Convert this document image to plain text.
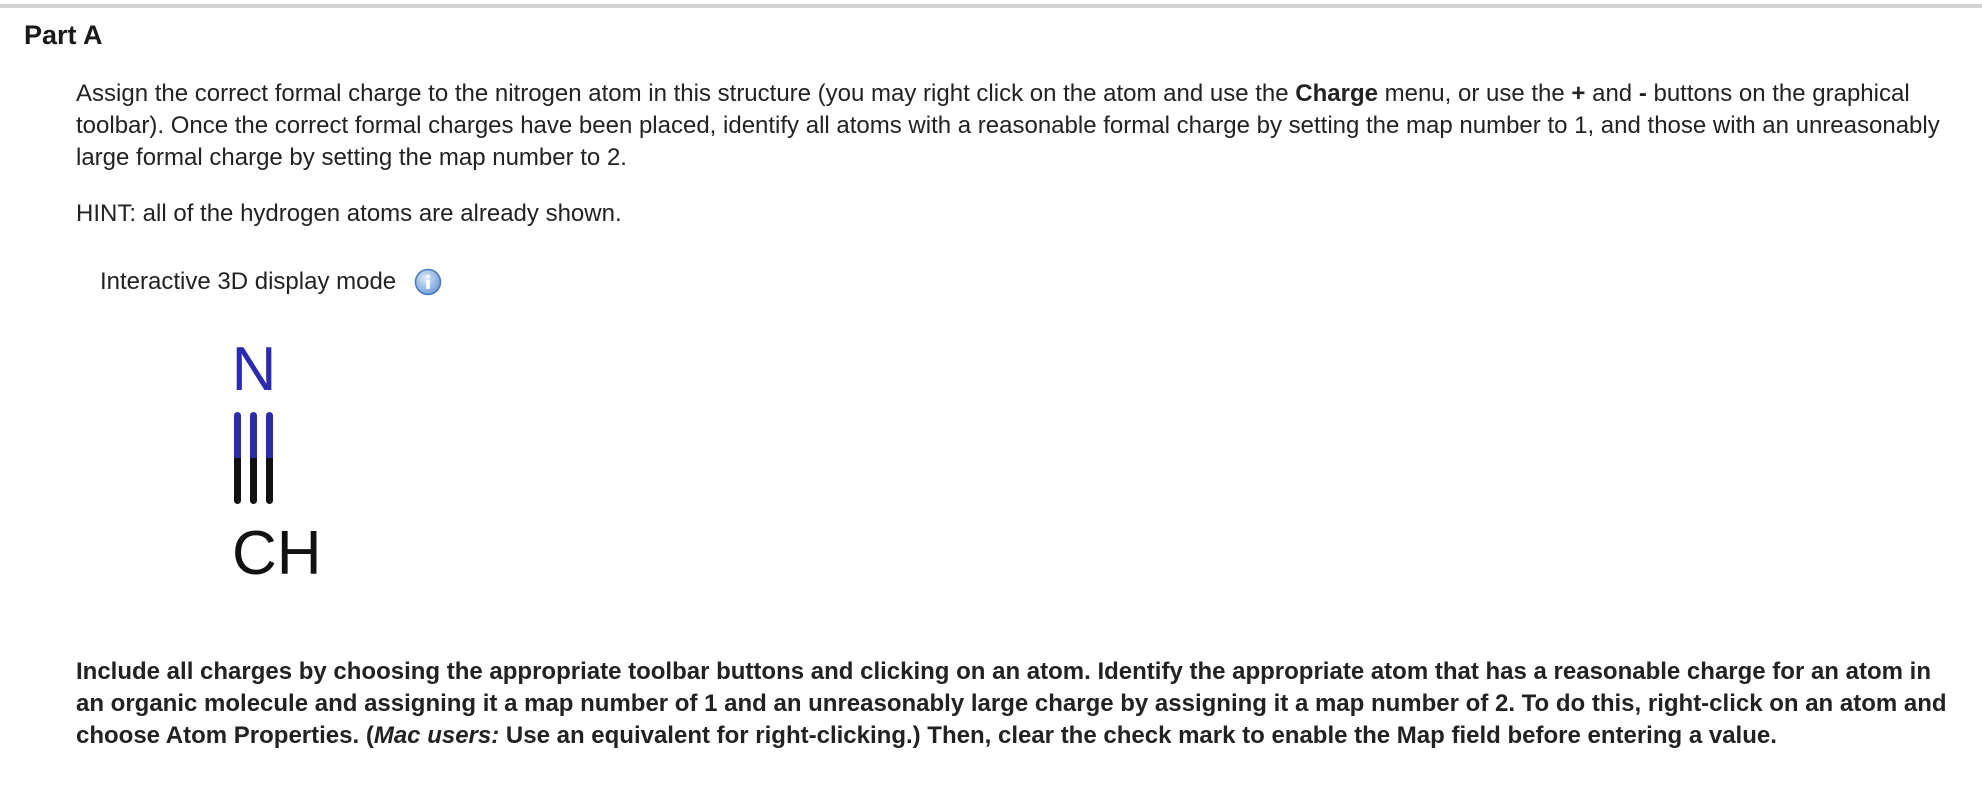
Part A

Assign the correct formal charge to the nitrogen atom in this structure (you may right click on the atom and use the Charge menu, or use the + and - buttons on the graphical toolbar). Once the correct formal charges have been placed, identify all atoms with a reasonable formal charge by setting the map number to 1, and those with an unreasonably large formal charge by setting the map number to 2.

HINT: all of the hydrogen atoms are already shown.

Interactive 3D display mode
N
CH

Include all charges by choosing the appropriate toolbar buttons and clicking on an atom. Identify the appropriate atom that has a reasonable charge for an atom in an organic molecule and assigning it a map number of 1 and an unreasonably large charge by assigning it a map number of 2. To do this, right-click on an atom and choose Atom Properties. (Mac users: Use an equivalent for right-clicking.) Then, clear the check mark to enable the Map field before entering a value.
